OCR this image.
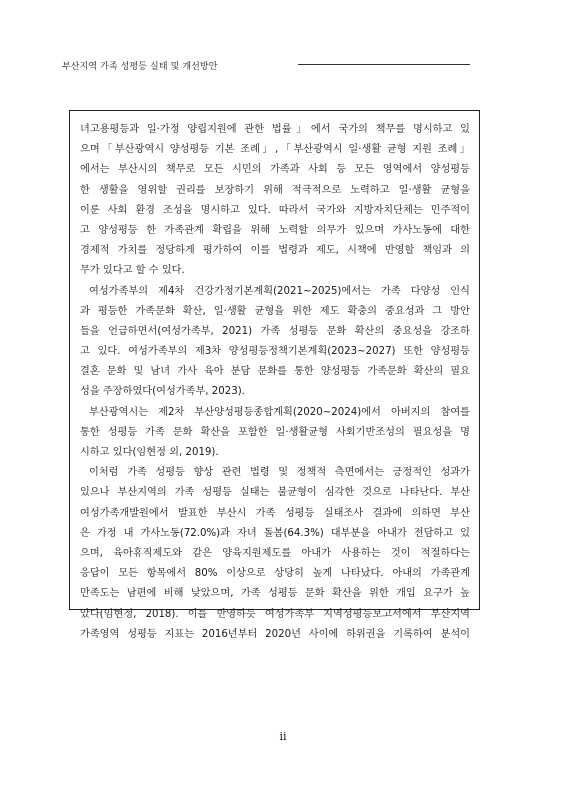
부산지역 가족 성평등 실태 및 개선방안
녀고용평등과 일·가정 양립지원에 관한 법률」에서 국가의 책무를 명시하고 있
으며「부산광역시 양성평등 기본 조례」,「부산광역시 일·생활 균형 지원 조례」
에서는 부산시의 책무로 모든 시민의 가족과 사회 등 모든 영역에서 양성평등
한 생활을 영위할 권리를 보장하기 위해 적극적으로 노력하고 일·생활 균형을
이룬 사회 환경 조성을 명시하고 있다. 따라서 국가와 지방자치단체는 민주적이
고 양성평등 한 가족관계 확립을 위해 노력할 의무가 있으며 가사노동에 대한
경제적 가치를 정당하게 평가하여 이를 법령과 제도, 시책에 반영할 책임과 의
무가 있다고 할 수 있다.
여성가족부의 제4차 건강가정기본계획(2021~2025)에서는 가족 다양성 인식
과 평등한 가족문화 확산, 일·생활 균형을 위한 제도 확충의 중요성과 그 방안
들을 언급하면서(여성가족부, 2021) 가족 성평등 문화 확산의 중요성을 강조하
고 있다. 여성가족부의 제3차 양성평등정책기본계획(2023~2027) 또한 양성평등
결혼 문화 및 남녀 가사 육아 분담 문화를 통한 양성평등 가족문화 확산의 필요
성을 주장하였다(여성가족부, 2023).
부산광역시는 제2차 부산양성평등종합계획(2020~2024)에서 아버지의 참여를
통한 성평등 가족 문화 확산을 포함한 일·생활균형 사회기반조성의 필요성을 명
시하고 있다(임현정 외, 2019).
이처럼 가족 성평등 향상 관련 법령 및 정책적 측면에서는 긍정적인 성과가
있으나 부산지역의 가족 성평등 실태는 불균형이 심각한 것으로 나타난다. 부산
여성가족개발원에서 발표한 부산시 가족 성평등 실태조사 결과에 의하면 부산
은 가정 내 가사노동(72.0%)과 자녀 돌봄(64.3%) 대부분을 아내가 전담하고 있
으며, 육아휴직제도와 같은 양육지원제도를 아내가 사용하는 것이 적절하다는
응답이 모든 항목에서 80% 이상으로 상당히 높게 나타났다. 아내의 가족관계
만족도는 남편에 비해 낮았으며, 가족 성평등 문화 확산을 위한 개입 요구가 높
았다(임현정, 2018). 이를 반영하듯 여성가족부 지역성평등보고서에서 부산지역
가족영역 성평등 지표는 2016년부터 2020년 사이에 하위권을 기록하여 분석이
ii
